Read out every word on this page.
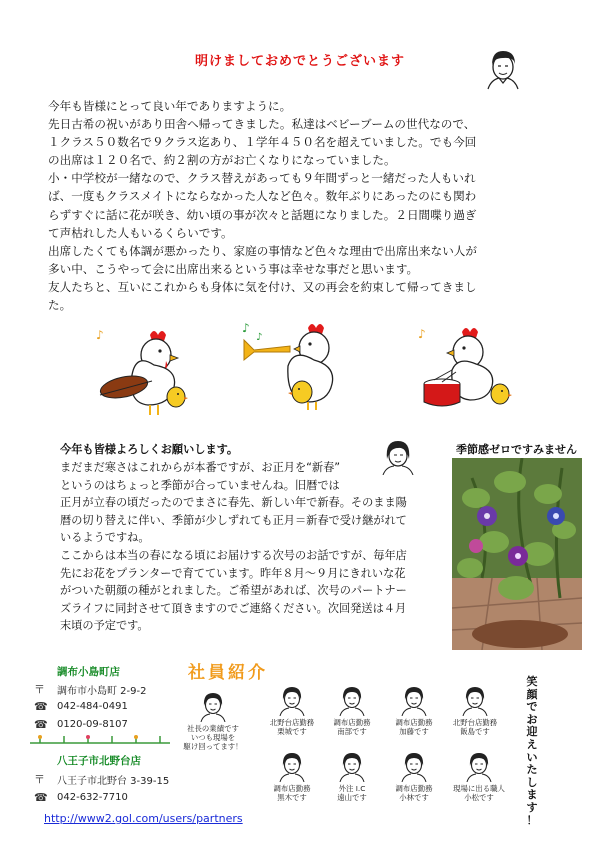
明けましておめでとうございます

今年も皆様にとって良い年でありますように。

先日古希の祝いがあり田舎へ帰ってきました。私達はベビーブームの世代なので、

１クラス５０数名で９クラス迄あり、１学年４５０名を超えていました。でも今回

の出席は１２０名で、約２割の方がお亡くなりになっていました。

小・中学校が一緒なので、クラス替えがあっても９年間ずっと一緒だった人もいれ

ば、一度もクラスメイトにならなかった人など色々。数年ぶりにあったのにも関わ

らずすぐに話に花が咲き、幼い頃の事が次々と話題になりました。２日間喋り過ぎ

て声枯れした人もいるくらいです。

出席したくても体調が悪かったり、家庭の事情など色々な理由で出席出来ない人が

多い中、こうやって会に出席出来るという事は幸せな事だと思います。

友人たちと、互いにこれからも身体に気を付け、又の再会を約束して帰ってきまし

た。

♪	♪
♪	♪
今年も皆様よろしくお願いします。

まだまだ寒さはこれからが本番ですが、お正月を“新春”

というのはちょっと季節が合っていませんね。旧暦では

正月が立春の頃だったのでまさに春先、新しい年で新春。そのまま陽

暦の切り替えに伴い、季節が少しずれても正月＝新春で受け継がれて

いるようですね。

ここからは本当の春になる頃にお届けする次号のお話ですが、毎年店

先にお花をプランターで育てています。昨年８月～９月にきれいな花

がついた朝顔の種がとれました。ご希望があれば、次号のパートナー

ズライフに同封させて頂きますのでご連絡ください。次回発送は４月

末頃の予定です。

季節感ゼロですみません
調布小島町店
〒 調布市小島町 2-9-2
☎ 042-484-0491
☎ 0120-09-8107
八王子市北野台店
〒 八王子市北野台 3-39-15
☎ 042-632-7710
社員紹介
社長の業績です
いつも現場を
駆け回ってます！
北野台店勤務
栗城です
調布店勤務
南部です
調布店勤務
加藤です
北野台店勤務
飯島です
調布店勤務
黒木です
外注 I.C
遠山です
調布店勤務
小林です
現場に出る職人
小松です
笑
顔
で
お
迎
え
い
た
し
ま
す
！
http://www2.gol.com/users/partners
